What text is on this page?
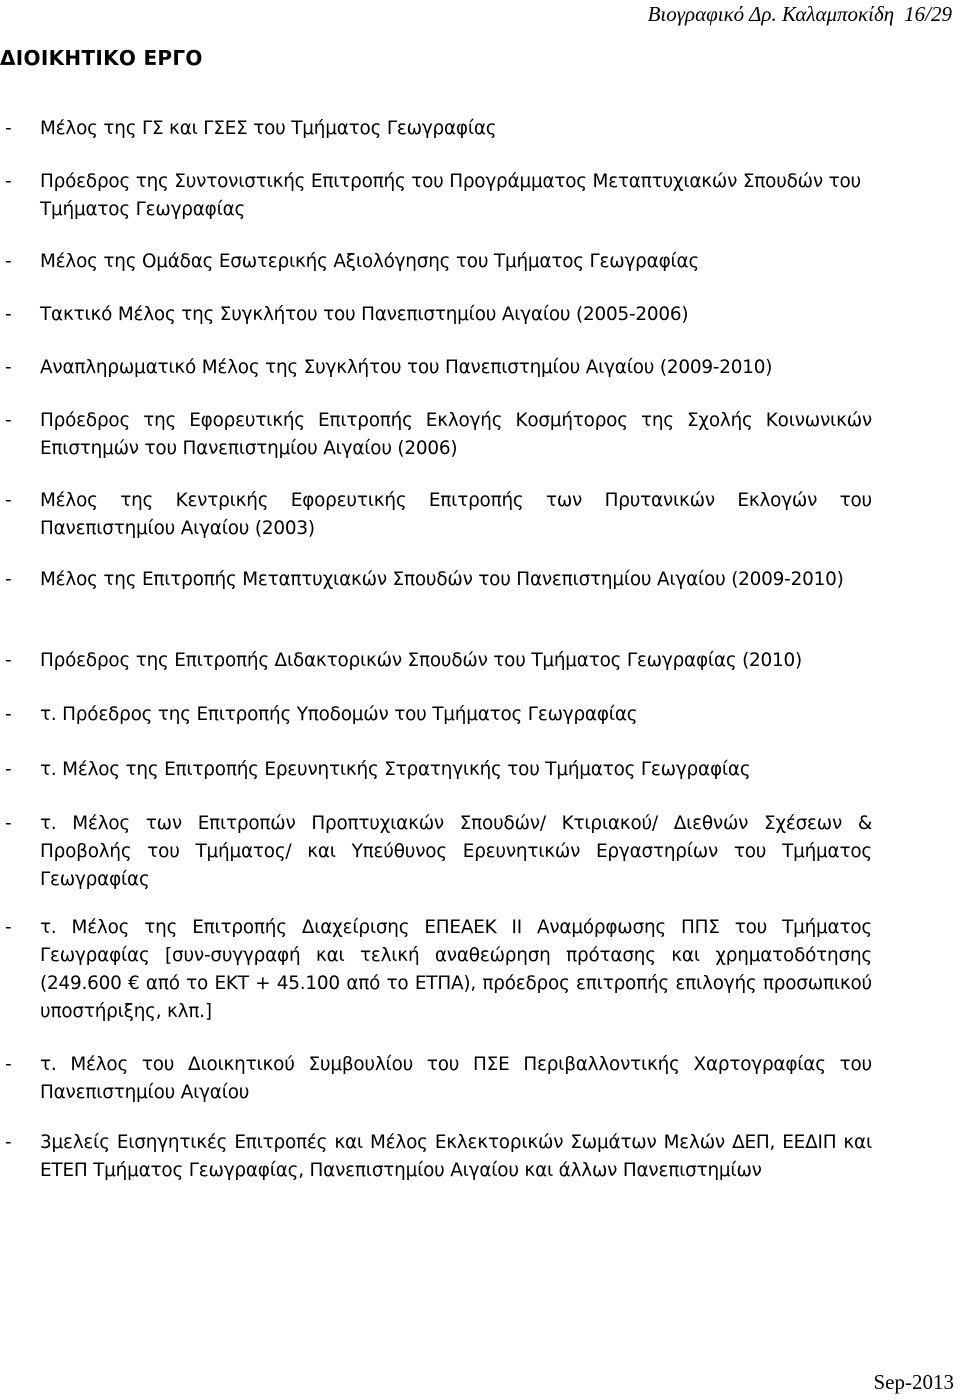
Βιογραφικό Δρ. Καλαμποκίδη 16/29
ΔΙΟΙΚΗΤΙΚΟ ΕΡΓΟ
-	Μέλος της ΓΣ και ΓΣΕΣ του Τμήματος Γεωγραφίας
-	Πρόεδρος της Συντονιστικής Επιτροπής του Προγράμματος Μεταπτυχιακών Σπουδών του Τμήματος Γεωγραφίας
-	Μέλος της Ομάδας Εσωτερικής Αξιολόγησης του Τμήματος Γεωγραφίας
-	Τακτικό Μέλος της Συγκλήτου του Πανεπιστημίου Αιγαίου (2005-2006)
-	Αναπληρωματικό Μέλος της Συγκλήτου του Πανεπιστημίου Αιγαίου (2009-2010)
-	Πρόεδρος της Εφορευτικής Επιτροπής Εκλογής Κοσμήτορος της Σχολής Κοινωνικών Επιστημών του Πανεπιστημίου Αιγαίου (2006)
-	Μέλος της Κεντρικής Εφορευτικής Επιτροπής των Πρυτανικών Εκλογών του Πανεπιστημίου Αιγαίου (2003)
-	Μέλος της Επιτροπής Μεταπτυχιακών Σπουδών του Πανεπιστημίου Αιγαίου (2009-2010)
-	Πρόεδρος της Επιτροπής Διδακτορικών Σπουδών του Τμήματος Γεωγραφίας (2010)
-	τ. Πρόεδρος της Επιτροπής Υποδομών του Τμήματος Γεωγραφίας
-	τ. Μέλος της Επιτροπής Ερευνητικής Στρατηγικής του Τμήματος Γεωγραφίας
-	τ. Μέλος των Επιτροπών Προπτυχιακών Σπουδών/ Κτιριακού/ Διεθνών Σχέσεων & Προβολής του Τμήματος/ και Υπεύθυνος Ερευνητικών Εργαστηρίων του Τμήματος Γεωγραφίας
-	τ. Μέλος της Επιτροπής Διαχείρισης ΕΠΕΑΕΚ ΙΙ Αναμόρφωσης ΠΠΣ του Τμήματος Γεωγραφίας [συν-συγγραφή και τελική αναθεώρηση πρότασης και χρηματοδότησης (249.600 € από το ΕΚΤ + 45.100 από το ΕΤΠΑ), πρόεδρος επιτροπής επιλογής προσωπικού υποστήριξης, κλπ.]
-	τ. Μέλος του Διοικητικού Συμβουλίου του ΠΣΕ Περιβαλλοντικής Χαρτογραφίας του Πανεπιστημίου Αιγαίου
-	3μελείς Εισηγητικές Επιτροπές και Μέλος Εκλεκτορικών Σωμάτων Μελών ΔΕΠ, ΕΕΔΙΠ και ΕΤΕΠ Τμήματος Γεωγραφίας, Πανεπιστημίου Αιγαίου και άλλων Πανεπιστημίων
Sep-2013
